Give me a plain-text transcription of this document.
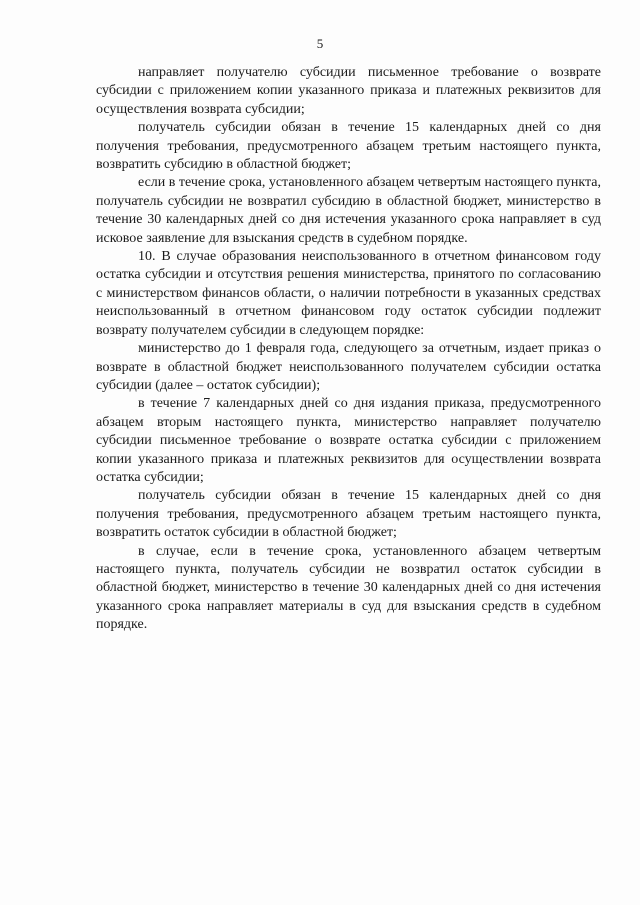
5

направляет получателю субсидии письменное требование о возврате субсидии с приложением копии указанного приказа и платежных реквизитов для осуществления возврата субсидии;

получатель субсидии обязан в течение 15 календарных дней со дня получения требования, предусмотренного абзацем третьим настоящего пункта, возвратить субсидию в областной бюджет;

если в течение срока, установленного абзацем четвертым настоящего пункта, получатель субсидии не возвратил субсидию в областной бюджет, министерство в течение 30 календарных дней со дня истечения указанного срока направляет в суд исковое заявление для взыскания средств в судебном порядке.

10. В случае образования неиспользованного в отчетном финансовом году остатка субсидии и отсутствия решения министерства, принятого по согласованию с министерством финансов области, о наличии потребности в указанных средствах неиспользованный в отчетном финансовом году остаток субсидии подлежит возврату получателем субсидии в следующем порядке:

министерство до 1 февраля года, следующего за отчетным, издает приказ о возврате в областной бюджет неиспользованного получателем субсидии остатка субсидии (далее – остаток субсидии);

в течение 7 календарных дней со дня издания приказа, предусмотренного абзацем вторым настоящего пункта, министерство направляет получателю субсидии письменное требование о возврате остатка субсидии с приложением копии указанного приказа и платежных реквизитов для осуществлении возврата остатка субсидии;

получатель субсидии обязан в течение 15 календарных дней со дня получения требования, предусмотренного абзацем третьим настоящего пункта, возвратить остаток субсидии в областной бюджет;

в случае, если в течение срока, установленного абзацем четвертым настоящего пункта, получатель субсидии не возвратил остаток субсидии в областной бюджет, министерство в течение 30 календарных дней со дня истечения указанного срока направляет материалы в суд для взыскания средств в судебном порядке.
